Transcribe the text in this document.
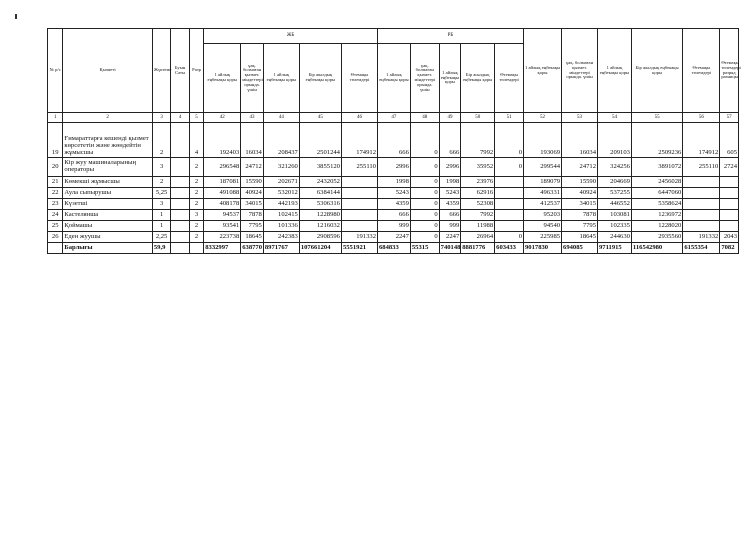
№ р/с	Қызметі	Жүктеме	Буын Саты	Разр	ЖБ					РБ					1 айлық еңбекақы қоры	ұақ. болмаған қызмет. міндеттері орында. үшін	1 айлық еңбекақы қоры	Бір жылдық еңбекақы қоры	Өтемақы төлемдері	Өтемақы төлемдері разряд разницы
					1 айлық еңбекақы қоры	ұақ. болмаған қызмет. міндеттері орында. үшін	1 айлық еңбекақы қоры	Бір жылдық еңбекақы қоры	Өтемақы төлемдері	1 айлық еңбекақы қоры	ұақ. болмаған қызмет. міндеттері орында. үшін	1 айлық еңбекақы қоры	Бір жылдық еңбекақы қоры	Өтемақы төлемдері						
1	2	3	4	5	42	43	44	45	46	47	48	49	50	51	52	53	54	55	56	57
19	Ғимараттарға кешенді қызмет көрсететін және жөндейтін жұмысшы	2		4	192403	16034	208437	2501244	174912	666	0	666	7992	0	193069	16034	209103	2509236	174912	605
20	Кір жуу машиналарының операторы	3		2	296548	24712	321260	3855120	255110	2996	0	2996	35952	0	299544	24712	324256	3891072	255110	2724
21	Көмекші жұмысшы	2		2	187081	15590	202671	2432052		1998	0	1998	23976		189079	15590	204669	2456028		
22	Аула сыпырушы	5,25		2	491088	40924	532012	6384144		5243	0	5243	62916		496331	40924	537255	6447060		
23	Күзетші	3		2	408178	34015	442193	5306316		4359	0	4359	52308		412537	34015	446552	5358624		
24	Кастелянша	1		3	94537	7878	102415	1228980		666	0	666	7992		95203	7878	103081	1236972		
25	Қоймашы	1		2	93541	7795	101336	1216032		999	0	999	11988		94540	7795	102335	1228020		
26	Еден жуушы	2,25		2	223738	18645	242383	2908596	191332	2247	0	2247	26964	0	225985	18645	244630	2935560	191332	2043
	Барлығы	59,9			8332997	638770	8971767	107661204	5551921	684833	55315	740148	8881776	603433	9017830	694085	9711915	116542980	6155354	7082
